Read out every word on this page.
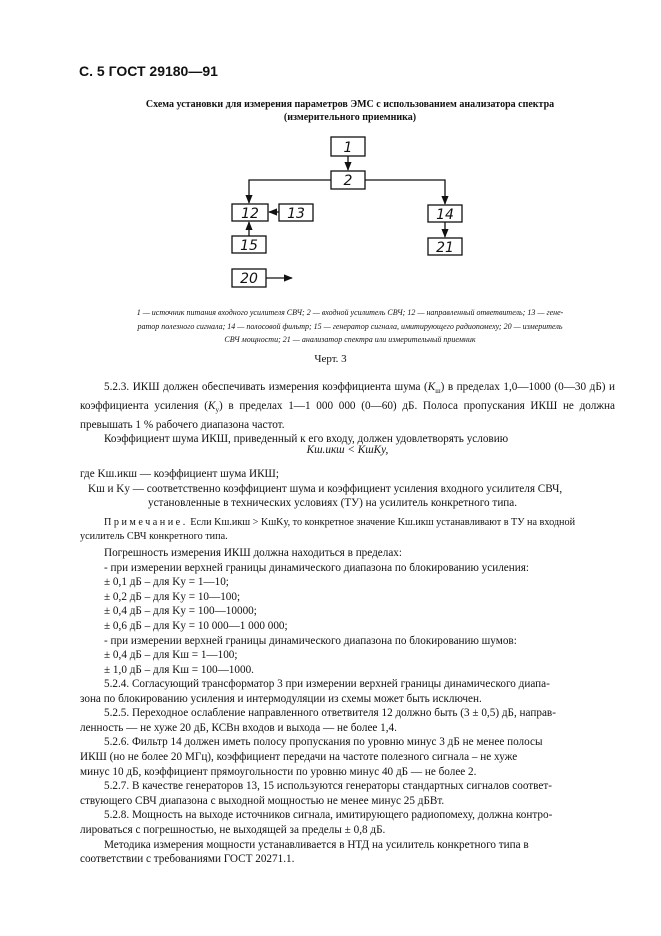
С. 5 ГОСТ 29180—91
Схема установки для измерения параметров ЭМС с использованием анализатора спектра
(измерительного приемника)
1
2
12 13	14
15	21
20
1 — источник питания входного усилителя СВЧ; 2 — входной усилитель СВЧ; 12 — направленный ответвитель; 13 — гене-
ратор полезного сигнала; 14 — полосовой фильтр; 15 — генератор сигнала, имитирующего радиопомеху; 20 — измеритель
СВЧ мощности; 21 — анализатор спектра или измерительный приемник
Черт. 3
5.2.3. ИКШ должен обеспечивать измерения коэффициента шума $(К_ш)$ в пределах 1,0—1000 (0—30 дБ) и коэффициента усиления $(К_у)$ в пределах 1—1 000 000 (0—60) дБ. Полоса пропускания ИКШ не должна превышать 1 % рабочего диапазона частот.
Коэффициент шума ИКШ, приведенный к его входу, должен удовлетворять условию
Kш.икш < KшKу,
где Kш.икш — коэффициент шума ИКШ;
Kш и Kу — соответственно коэффициент шума и коэффициент усиления входного усилителя СВЧ,
установленные в технических условиях (ТУ) на усилитель конкретного типа.
Примечание. Если Kш.икш > KшKу, то конкретное значение Kш.икш устанавливают в ТУ на входной
усилитель СВЧ конкретного типа.
Погрешность измерения ИКШ должна находиться в пределах:
- при измерении верхней границы динамического диапазона по блокированию усиления:
± 0,1 дБ – для Kу = 1—10;
± 0,2 дБ – для Kу = 10—100;
± 0,4 дБ – для Kу = 100—10000;
± 0,6 дБ – для Kу = 10 000—1 000 000;
- при измерении верхней границы динамического диапазона по блокированию шумов:
± 0,4 дБ – для Kш = 1—100;
± 1,0 дБ – для Kш = 100—1000.
5.2.4. Согласующий трансформатор 3 при измерении верхней границы динамического диапа-
зона по блокированию усиления и интермодуляции из схемы может быть исключен.
5.2.5. Переходное ослабление направленного ответвителя 12 должно быть (3 ± 0,5) дБ, направ-
ленность — не хуже 20 дБ, КСВн входов и выхода — не более 1,4.
5.2.6. Фильтр 14 должен иметь полосу пропускания по уровню минус 3 дБ не менее полосы
ИКШ (но не более 20 МГц), коэффициент передачи на частоте полезного сигнала – не хуже
минус 10 дБ, коэффициент прямоугольности по уровню минус 40 дБ — не более 2.
5.2.7. В качестве генераторов 13, 15 используются генераторы стандартных сигналов соответ-
ствующего СВЧ диапазона с выходной мощностью не менее минус 25 дБВт.
5.2.8. Мощность на выходе источников сигнала, имитирующего радиопомеху, должна контро-
лироваться с погрешностью, не выходящей за пределы ± 0,8 дБ.
Методика измерения мощности устанавливается в НТД на усилитель конкретного типа в
соответствии с требованиями ГОСТ 20271.1.
